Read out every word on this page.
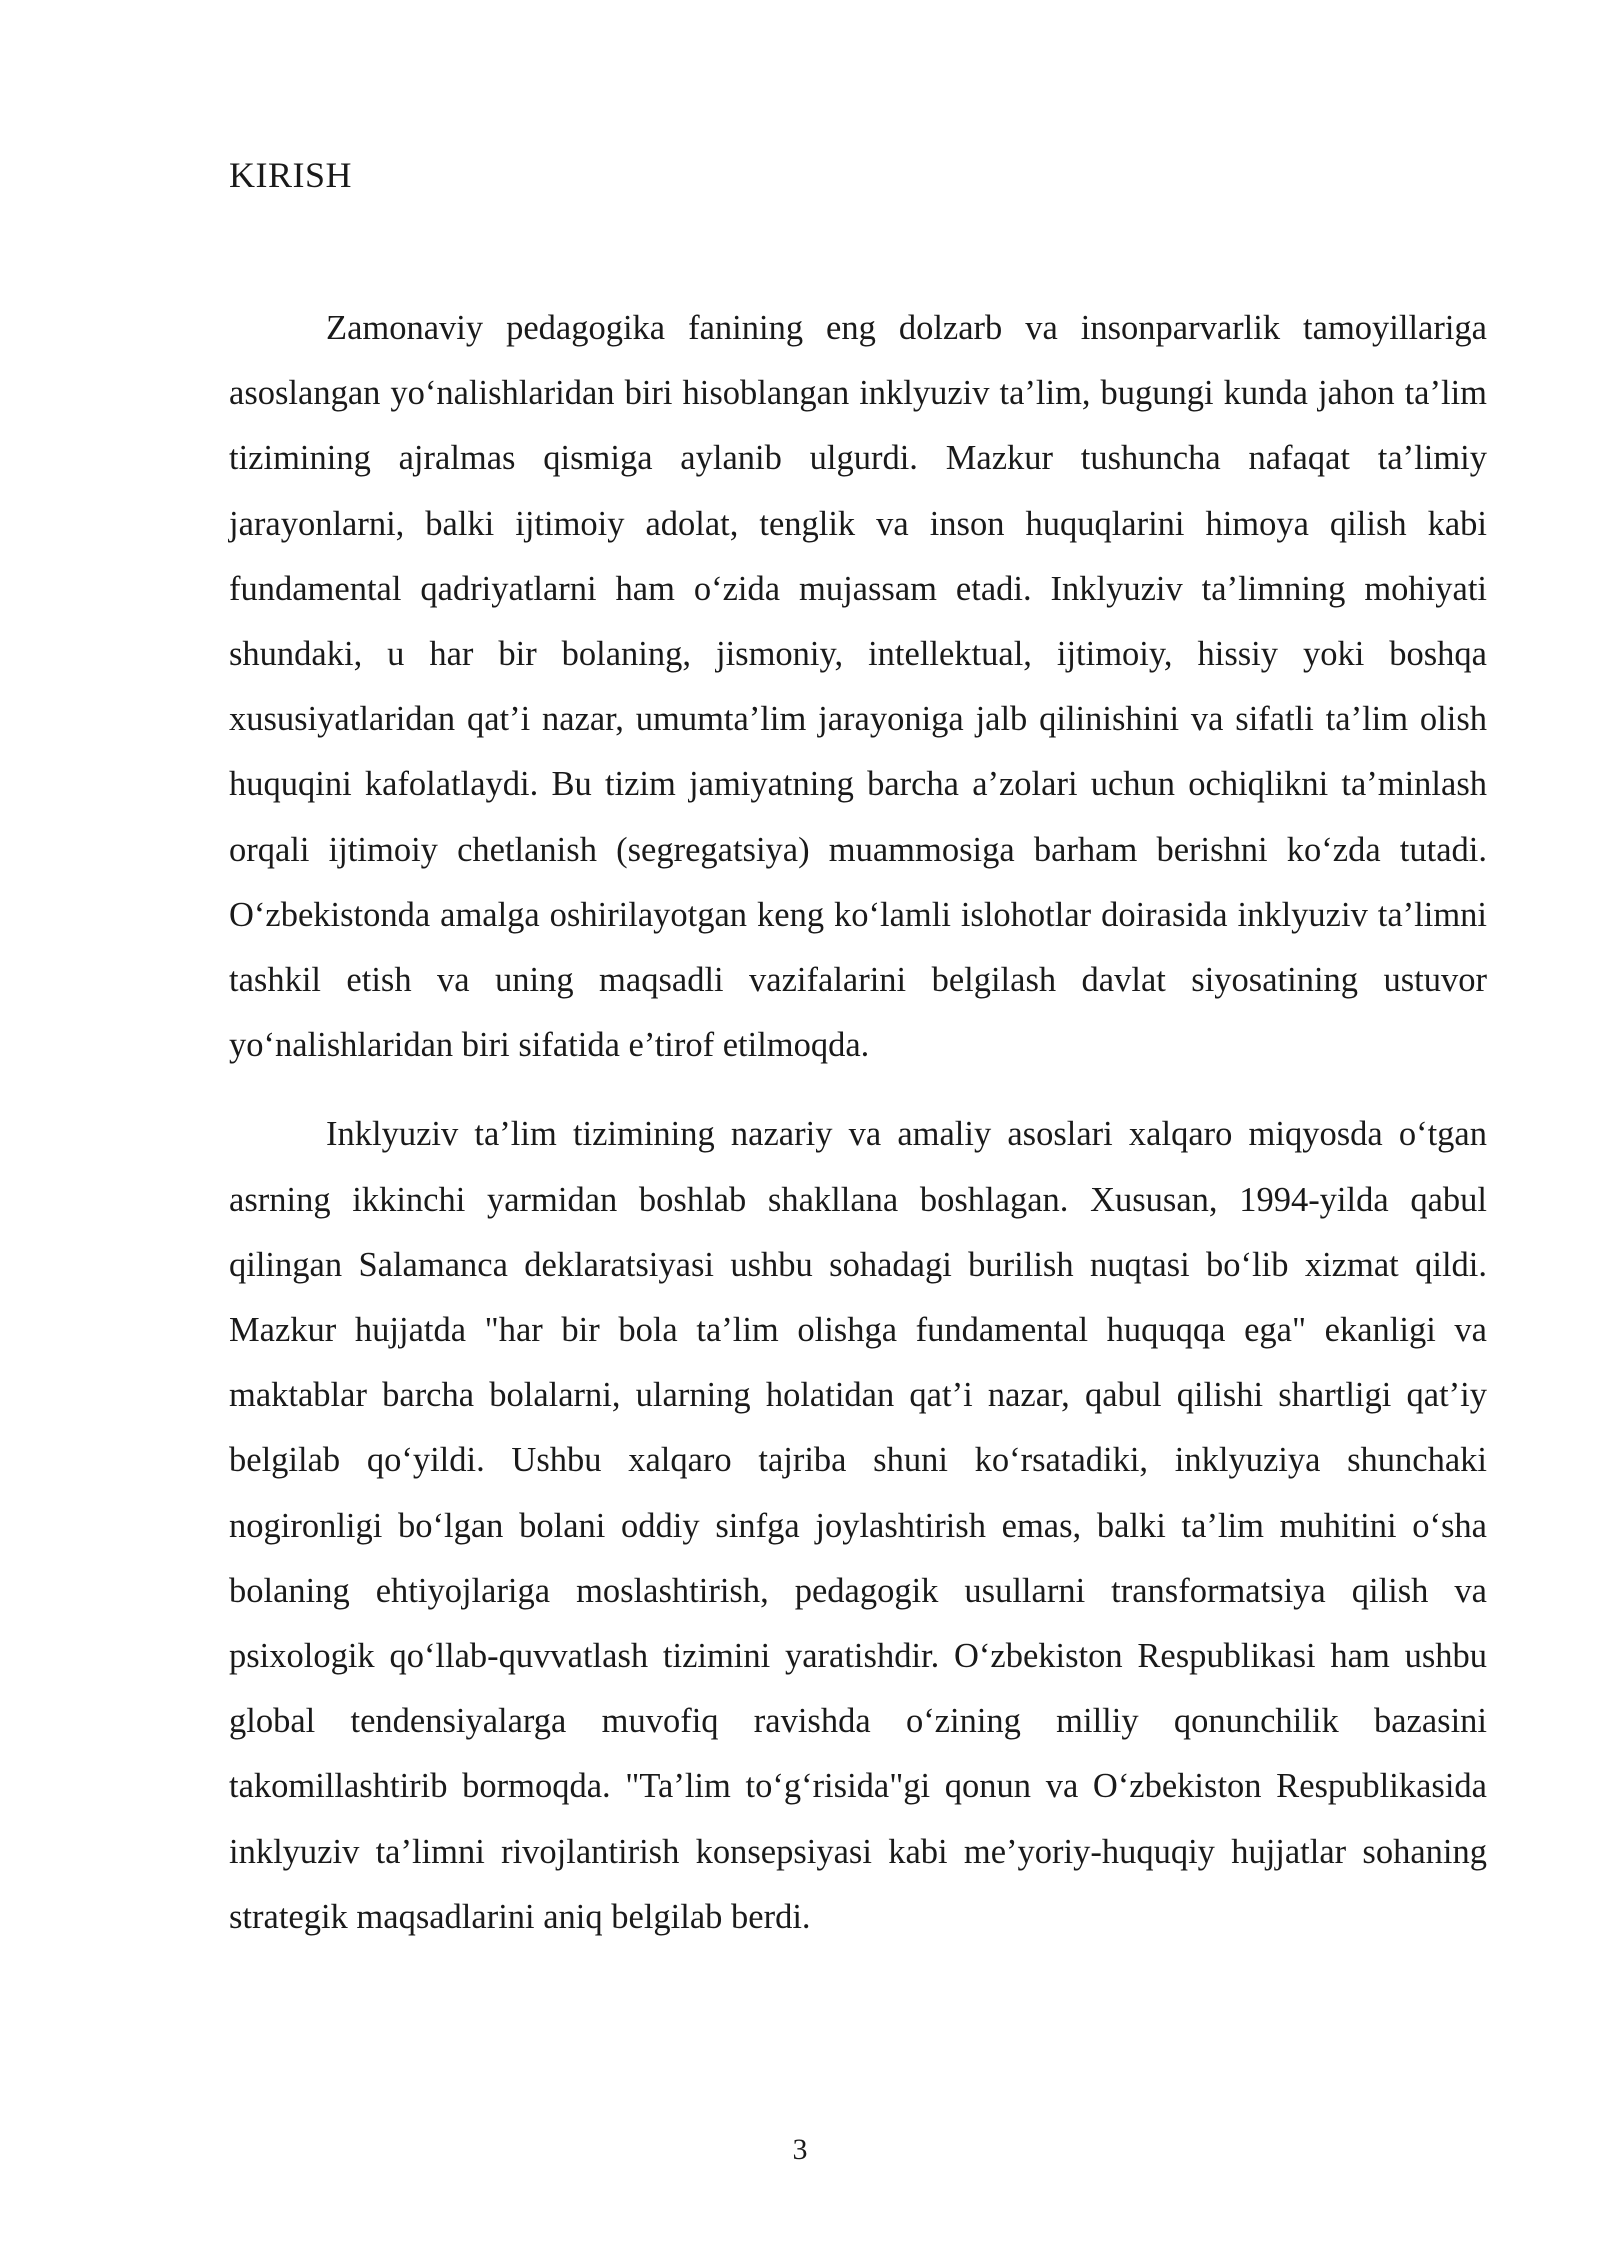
KIRISH

Zamonaviy pedagogika fanining eng dolzarb va insonparvarlik tamoyillariga asoslangan yo‘nalishlaridan biri hisoblangan inklyuziv ta’lim, bugungi kunda jahon ta’lim tizimining ajralmas qismiga aylanib ulgurdi. Mazkur tushuncha nafaqat ta’limiy jarayonlarni, balki ijtimoiy adolat, tenglik va inson huquqlarini himoya qilish kabi fundamental qadriyatlarni ham o‘zida mujassam etadi. Inklyuziv ta’limning mohiyati shundaki, u har bir bolaning, jismoniy, intellektual, ijtimoiy, hissiy yoki boshqa xususiyatlaridan qat’i nazar, umumta’lim jarayoniga jalb qilinishini va sifatli ta’lim olish huquqini kafolatlaydi. Bu tizim jamiyatning barcha a’zolari uchun ochiqlikni ta’minlash orqali ijtimoiy chetlanish (segregatsiya) muammosiga barham berishni ko‘zda tutadi. O‘zbekistonda amalga oshirilayotgan keng ko‘lamli islohotlar doirasida inklyuziv ta’limni tashkil etish va uning maqsadli vazifalarini belgilash davlat siyosatining ustuvor yo‘nalishlaridan biri sifatida e’tirof etilmoqda.

Inklyuziv ta’lim tizimining nazariy va amaliy asoslari xalqaro miqyosda o‘tgan asrning ikkinchi yarmidan boshlab shakllana boshlagan. Xususan, 1994-yilda qabul qilingan Salamanca deklaratsiyasi ushbu sohadagi burilish nuqtasi bo‘lib xizmat qildi. Mazkur hujjatda "har bir bola ta’lim olishga fundamental huquqqa ega" ekanligi va maktablar barcha bolalarni, ularning holatidan qat’i nazar, qabul qilishi shartligi qat’iy belgilab qo‘yildi. Ushbu xalqaro tajriba shuni ko‘rsatadiki, inklyuziya shunchaki nogironligi bo‘lgan bolani oddiy sinfga joylashtirish emas, balki ta’lim muhitini o‘sha bolaning ehtiyojlariga moslashtirish, pedagogik usullarni transformatsiya qilish va psixologik qo‘llab-quvvatlash tizimini yaratishdir. O‘zbekiston Respublikasi ham ushbu global tendensiyalarga muvofiq ravishda o‘zining milliy qonunchilik bazasini takomillashtirib bormoqda. "Ta’lim to‘g‘risida"gi qonun va O‘zbekiston Respublikasida inklyuziv ta’limni rivojlantirish konsepsiyasi kabi me’yoriy-huquqiy hujjatlar sohaning strategik maqsadlarini aniq belgilab berdi.

3
